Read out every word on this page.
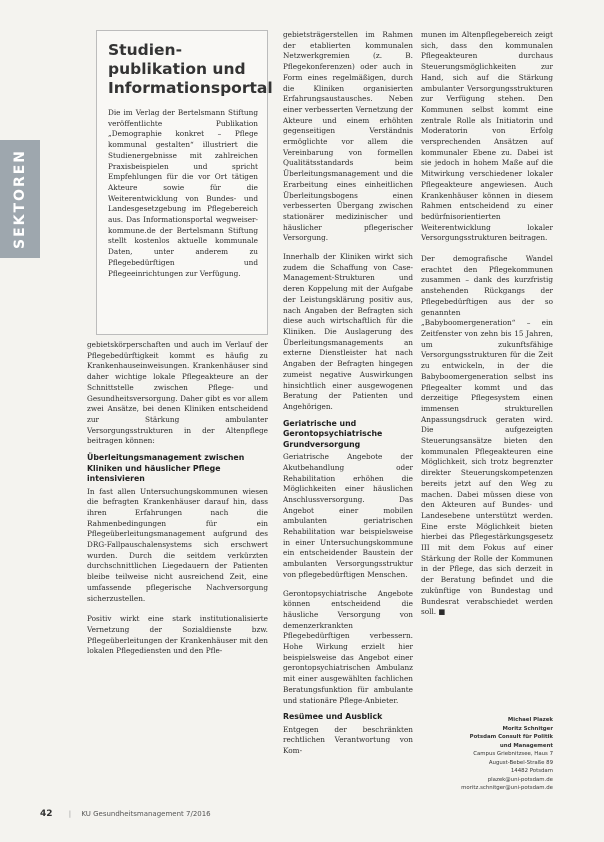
SEKTOREN
Studienpublikation und Informationsportal

Die im Verlag der Bertelsmann Stiftung veröffentlichte Publikation „Demographie konkret – Pflege kommunal gestalten“ illustriert die Studienergebnisse mit zahlreichen Praxisbeispielen und spricht Empfehlungen für die vor Ort tätigen Akteure sowie für die Weiterentwicklung von Bundes- und Landesgesetzgebung im Pflegebereich aus. Das Informationsportal wegweiser-kommune.de der Bertelsmann Stiftung stellt kostenlos aktuelle kommunale Daten, unter anderem zu Pflegebedürftigen und Pflegeeinrichtungen zur Verfügung.

gebietskörperschaften und auch im Verlauf der Pflegebedürftigkeit kommt es häufig zu Krankenhauseinweisungen. Krankenhäuser sind daher wichtige lokale Pflegeakteure an der Schnittstelle zwischen Pflege- und Gesundheitsversorgung. Daher gibt es vor allem zwei Ansätze, bei denen Kliniken entscheidend zur Stärkung ambulanter Versorgungsstrukturen in der Altenpflege beitragen können:

Überleitungsmanagement zwischen Kliniken und häuslicher Pflege intensivieren

In fast allen Untersuchungskommunen wiesen die befragten Krankenhäuser darauf hin, dass ihren Erfahrungen nach die Rahmenbedingungen für ein Pflegeüberleitungsmanagement aufgrund des DRG-Fallpauschalensystems sich erschwert wurden. Durch die seitdem verkürzten durchschnittlichen Liegedauern der Patienten bleibe teilweise nicht ausreichend Zeit, eine umfassende pflegerische Nachversorgung sicherzustellen.

Positiv wirkt eine stark institutionalisierte Vernetzung der Sozialdienste bzw. Pflegeüberleitungen der Krankenhäuser mit den lokalen Pflegediensten und den Pfle-

gebietsträgerstellen im Rahmen der etablierten kommunalen Netzwerkgremien (z. B. Pflegekonferenzen) oder auch in Form eines regelmäßigen, durch die Kliniken organisierten Erfahrungsaustausches. Neben einer verbesserten Vernetzung der Akteure und einem erhöhten gegenseitigen Verständnis ermöglichte vor allem die Vereinbarung von formellen Qualitätsstandards beim Überleitungsmanagement und die Erarbeitung eines einheitlichen Überleitungsbogens einen verbesserten Übergang zwischen stationärer medizinischer und häuslicher pflegerischer Versorgung.

Innerhalb der Kliniken wirkt sich zudem die Schaffung von Case-Management-Strukturen und deren Koppelung mit der Aufgabe der Leistungsklärung positiv aus, nach Angaben der Befragten sich diese auch wirtschaftlich für die Kliniken. Die Auslagerung des Überleitungsmanagements an externe Dienstleister hat nach Angaben der Befragten hingegen zumeist negative Auswirkungen hinsichtlich einer ausgewogenen Beratung der Patienten und Angehörigen.

Geriatrische und Gerontopsychiatrische Grundversorgung

Geriatrische Angebote der Akutbehandlung oder Rehabilitation erhöhen die Möglichkeiten einer häuslichen Anschlussversorgung. Das Angebot einer mobilen ambulanten geriatrischen Rehabilitation war beispielsweise in einer Untersuchungskommune ein entscheidender Baustein der ambulanten Versorgungsstruktur von pflegebedürftigen Menschen.

Gerontopsychiatrische Angebote können entscheidend die häusliche Versorgung von demenzerkrankten Pflegebedürftigen verbessern. Hohe Wirkung erzielt hier beispielsweise das Angebot einer gerontopsychiatrischen Ambulanz mit einer ausgewählten fachlichen Beratungsfunktion für ambulante und stationäre Pflege-Anbieter.

Resümee und Ausblick

Entgegen der beschränkten rechtlichen Verantwortung von Kom-

munen im Altenpflegebereich zeigt sich, dass den kommunalen Pflegeakteuren durchaus Steuerungsmöglichkeiten zur Hand, sich auf die Stärkung ambulanter Versorgungsstrukturen zur Verfügung stehen. Den Kommunen selbst kommt eine zentrale Rolle als Initiatorin und Moderatorin von Erfolg versprechenden Ansätzen auf kommunaler Ebene zu. Dabei ist sie jedoch in hohem Maße auf die Mitwirkung verschiedener lokaler Pflegeakteure angewiesen. Auch Krankenhäuser können in diesem Rahmen entscheidend zu einer bedürfnisorientierten Weiterentwicklung lokaler Versorgungsstrukturen beitragen.

Der demografische Wandel erachtet den Pflegekommunen zusammen – dank des kurzfristig anstehenden Rückgangs der Pflegebedürftigen aus der so genannten „Babyboomergeneration“ – ein Zeitfenster von zehn bis 15 Jahren, um zukunftsfähige Versorgungsstrukturen für die Zeit zu entwickeln, in der die Babyboomergeneration selbst ins Pflegealter kommt und das derzeitige Pflegesystem einen immensen strukturellen Anpassungsdruck geraten wird. Die aufgezeigten Steuerungsansätze bieten den kommunalen Pflegeakteuren eine Möglichkeit, sich trotz begrenzter direkter Steuerungskompetenzen bereits jetzt auf den Weg zu machen. Dabei müssen diese von den Akteuren auf Bundes- und Landesebene unterstützt werden. Eine erste Möglichkeit bieten hierbei das Pflegestärkungsgesetz III mit dem Fokus auf einer Stärkung der Rolle der Kommunen in der Pflege, das sich derzeit in der Beratung befindet und die zukünftige von Bundestag und Bundesrat verabschiedet werden soll. ■

Michael Plazek
Moritz Schnitger
Potsdam Consult für Politik
und Management
Campus Griebnitzsee, Haus 7
August-Bebel-Straße 89
14482 Potsdam
plazek@uni-potsdam.de
moritz.schnitger@uni-potsdam.de
42 | KU Gesundheitsmanagement 7/2016
